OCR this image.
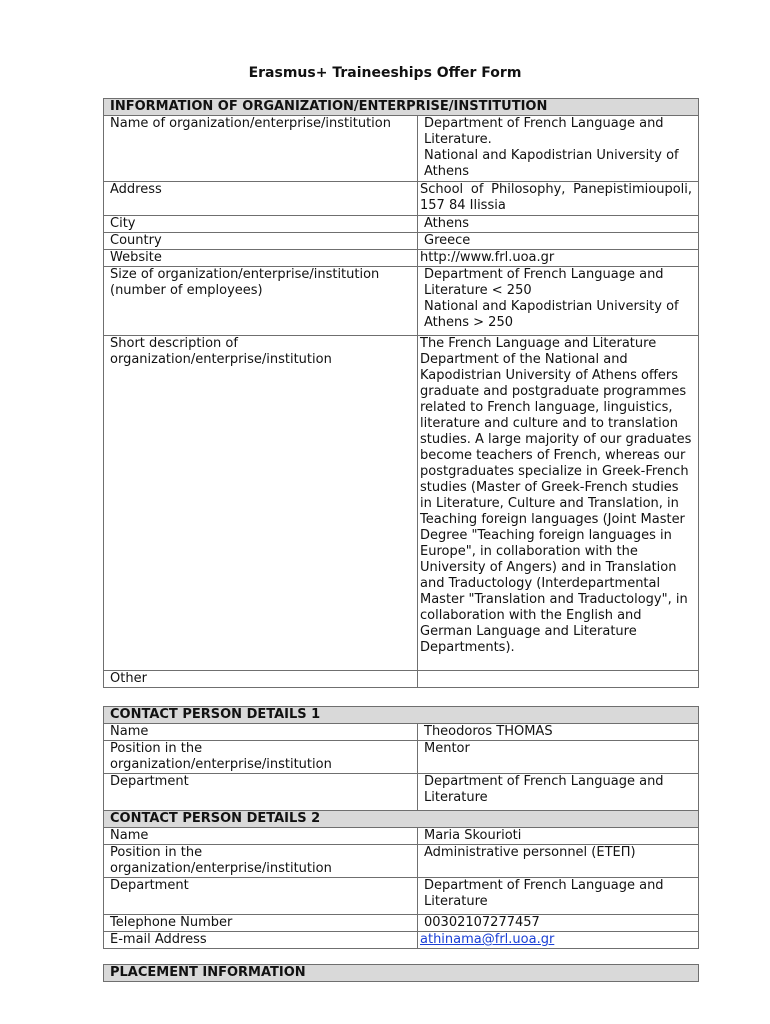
Erasmus+ Traineeships Offer Form
INFORMATION OF ORGANIZATION/ENTERPRISE/INSTITUTION	
Name of organization/enterprise/institution	Department of French Language and Literature.
National and Kapodistrian University of Athens
Address	School of Philosophy, Panepistimioupoli, 157 84 Ilissia
City	Athens
Country	Greece
Website	http://www.frl.uoa.gr
Size of organization/enterprise/institution (number of employees)	Department of French Language and Literature < 250
National and Kapodistrian University of Athens > 250
Short description of organization/enterprise/institution	The French Language and Literature Department of the National and Kapodistrian University of Athens offers graduate and postgraduate programmes related to French language, linguistics, literature and culture and to translation studies. A large majority of our graduates become teachers of French, whereas our postgraduates specialize in Greek-French studies (Master of Greek-French studies in Literature, Culture and Translation, in Teaching foreign languages (Joint Master Degree "Teaching foreign languages in Europe", in collaboration with the University of Angers) and in Translation and Traductology (Interdepartmental Master "Translation and Traductology", in collaboration with the English and German Language and Literature Departments).
Other	
CONTACT PERSON DETAILS 1	
Name	Theodoros THOMAS
Position in the organization/enterprise/institution	Mentor
Department	Department of French Language and Literature
CONTACT PERSON DETAILS 2	
Name	Maria Skourioti
Position in the organization/enterprise/institution	Administrative personnel (ΕΤΕΠ)
Department	Department of French Language and Literature
Telephone Number	00302107277457
E-mail Address	athinama@frl.uoa.gr
PLACEMENT INFORMATION
